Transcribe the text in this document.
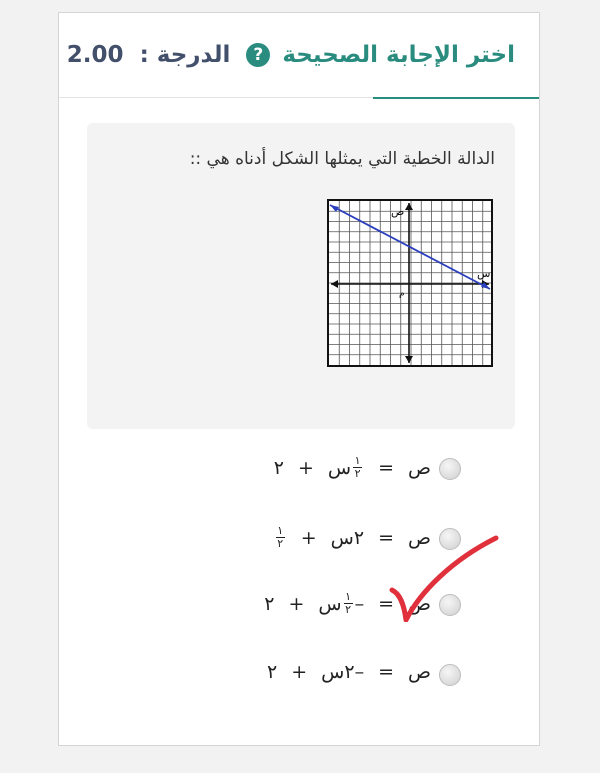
اختر الإجابة الصحيحة
?
الدرجة : 2.00
الدالة الخطية التي يمثلها الشكل أدناه هي ::
ص
س
م
ص
=
$\frac{١}{٢}$
س
+
٢
ص
=
٢
س
+
$\frac{١}{٢}$
ص
=
–
$\frac{١}{٢}$
س
+
٢
ص
=
–
٢
س
+
٢
